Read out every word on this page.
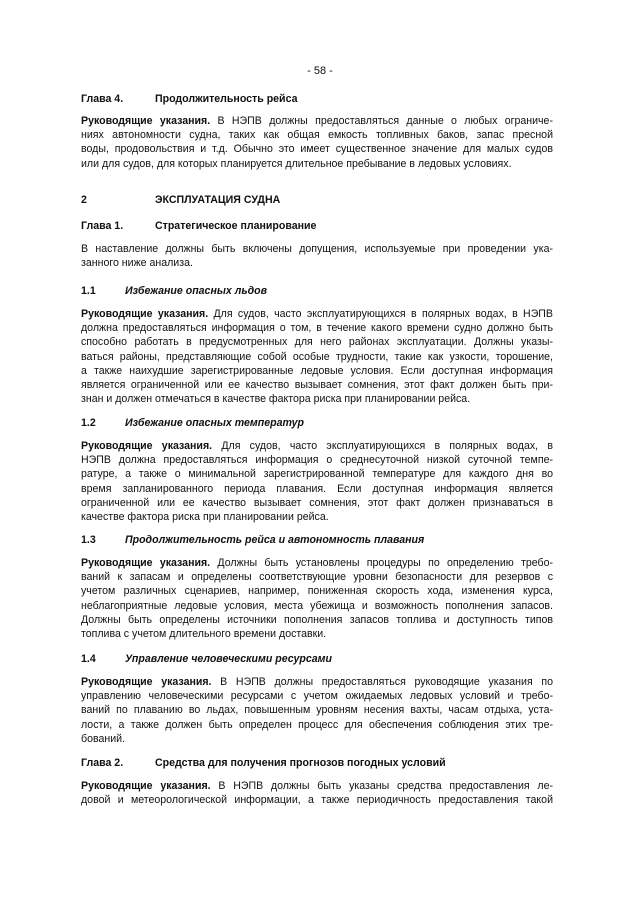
- 58 -
Глава 4.	Продолжительность рейса
Руководящие указания. В НЭПВ должны предоставляться данные о любых ограниче-
ниях автономности судна, таких как общая емкость топливных баков, запас пресной
воды, продовольствия и т.д. Обычно это имеет существенное значение для малых судов
или для судов, для которых планируется длительное пребывание в ледовых условиях.
2	ЭКСПЛУАТАЦИЯ СУДНА
Глава 1.	Стратегическое планирование
В наставление должны быть включены допущения, используемые при проведении ука-
занного ниже анализа.
1.1	Избежание опасных льдов
Руководящие указания. Для судов, часто эксплуатирующихся в полярных водах, в НЭПВ
должна предоставляться информация о том, в течение какого времени судно должно быть
способно работать в предусмотренных для него районах эксплуатации. Должны указы-
ваться районы, представляющие собой особые трудности, такие как узкости, торошение,
а также наихудшие зарегистрированные ледовые условия. Если доступная информация
является ограниченной или ее качество вызывает сомнения, этот факт должен быть при-
знан и должен отмечаться в качестве фактора риска при планировании рейса.
1.2	Избежание опасных температур
Руководящие указания. Для судов, часто эксплуатирующихся в полярных водах, в
НЭПВ должна предоставляться информация о среднесуточной низкой суточной темпе-
ратуре, а также о минимальной зарегистрированной температуре для каждого дня во
время запланированного периода плавания. Если доступная информация является
ограниченной или ее качество вызывает сомнения, этот факт должен признаваться в
качестве фактора риска при планировании рейса.
1.3	Продолжительность рейса и автономность плавания
Руководящие указания. Должны быть установлены процедуры по определению требо-
ваний к запасам и определены соответствующие уровни безопасности для резервов с
учетом различных сценариев, например, пониженная скорость хода, изменения курса,
неблагоприятные ледовые условия, места убежища и возможность пополнения запасов.
Должны быть определены источники пополнения запасов топлива и доступность типов
топлива с учетом длительного времени доставки.
1.4	Управление человеческими ресурсами
Руководящие указания. В НЭПВ должны предоставляться руководящие указания по
управлению человеческими ресурсами с учетом ожидаемых ледовых условий и требо-
ваний по плаванию во льдах, повышенным уровням несения вахты, часам отдыха, уста-
лости, а также должен быть определен процесс для обеспечения соблюдения этих тре-
бований.
Глава 2.	Средства для получения прогнозов погодных условий
Руководящие указания. В НЭПВ должны быть указаны средства предоставления ле-
довой и метеорологической информации, а также периодичность предоставления такой
